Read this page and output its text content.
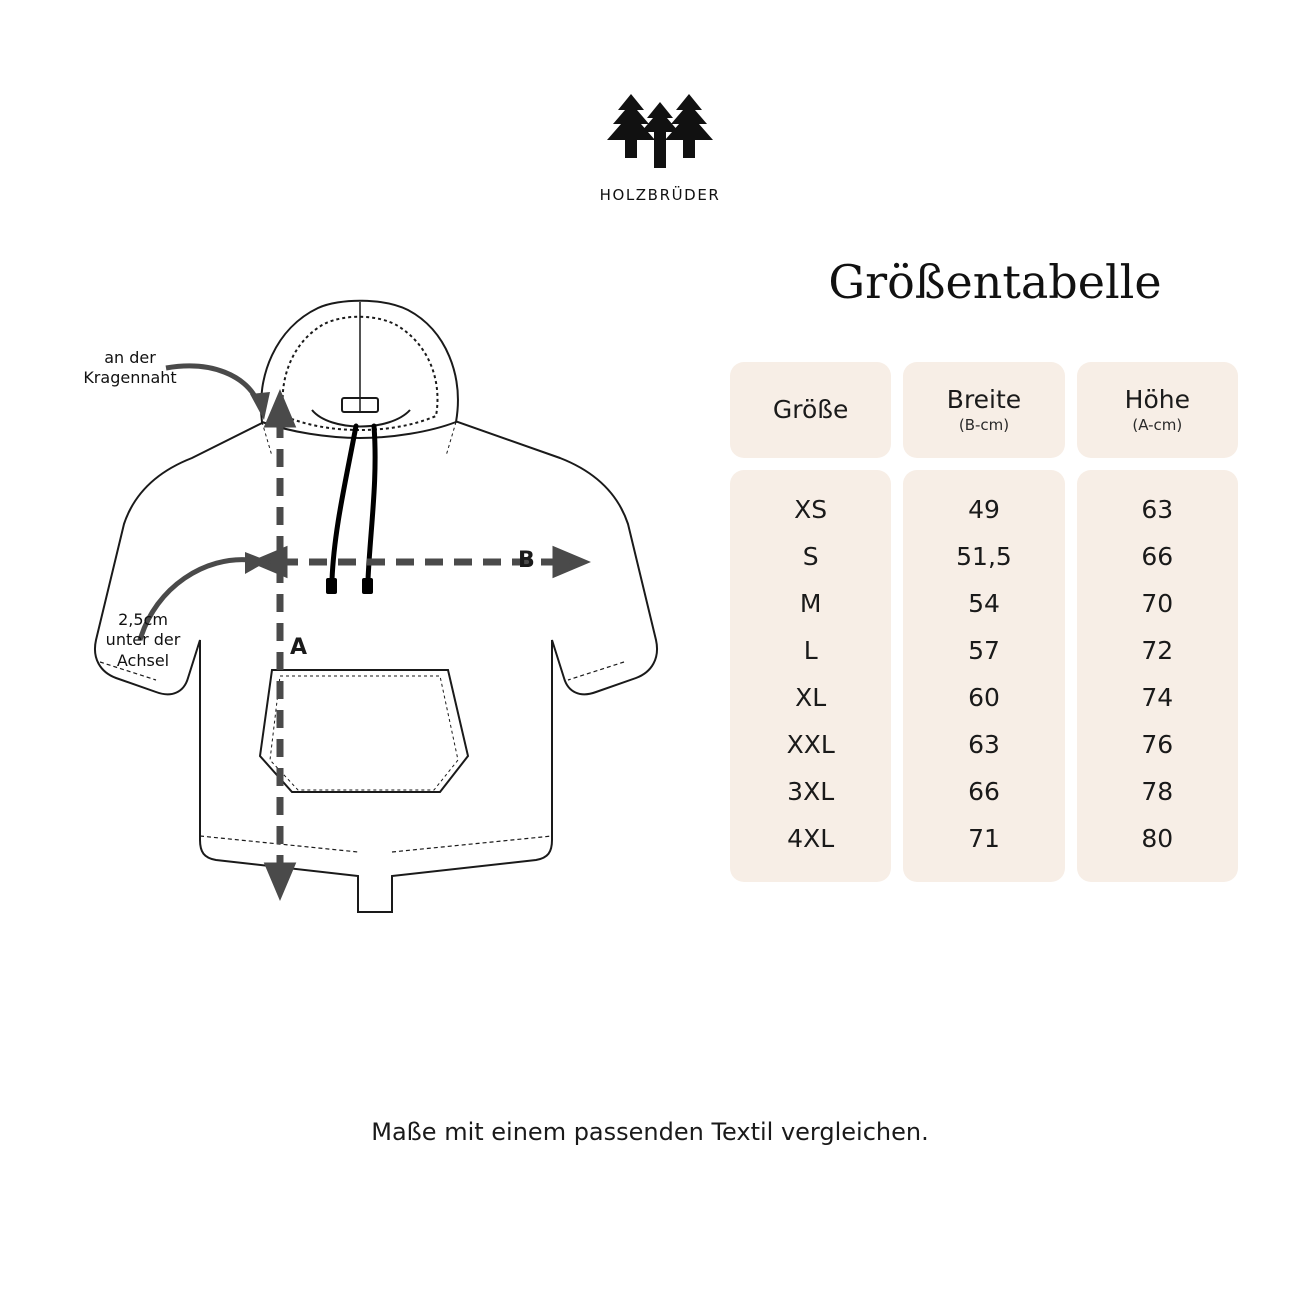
HOLZBRÜDER
Größentabelle
an der
Kragennaht
2,5cm
unter der
Achsel
A
B
Größe
XS
S
M
L
XL
XXL
3XL
4XL
Breite
(B-cm)
49
51,5
54
57
60
63
66
71
Höhe
(A-cm)
63
66
70
72
74
76
78
80
Maße mit einem passenden Textil vergleichen.
